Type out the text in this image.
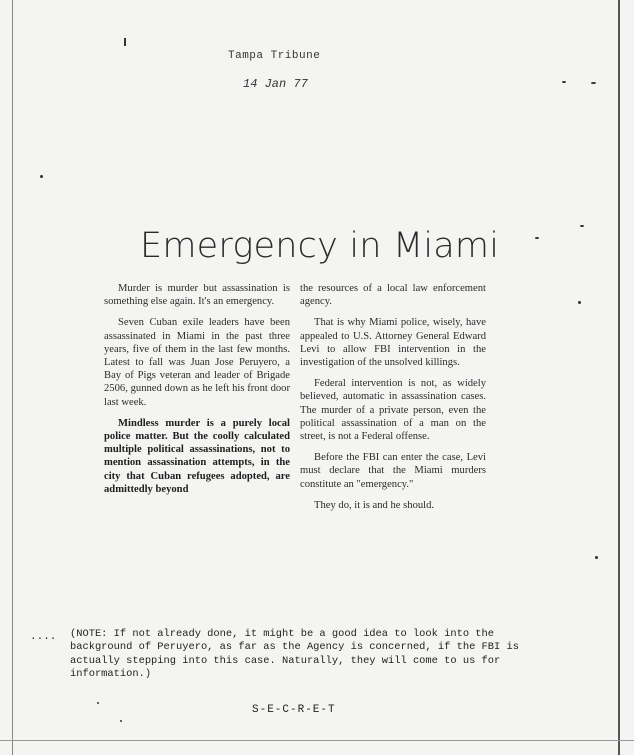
Tampa Tribune
14 Jan 77
Emergency in Miami

Murder is murder but assassination is something else again. It's an emergency.

Seven Cuban exile leaders have been assassinated in Miami in the past three years, five of them in the last few months. Latest to fall was Juan Jose Peruyero, a Bay of Pigs veteran and leader of Brigade 2506, gunned down as he left his front door last week.

Mindless murder is a purely local police matter. But the coolly calculated multiple political assassinations, not to mention assassination attempts, in the city that Cuban refugees adopted, are admittedly beyond

the resources of a local law enforcement agency.

That is why Miami police, wisely, have appealed to U.S. Attorney General Edward Levi to allow FBI intervention in the investigation of the unsolved killings.

Federal intervention is not, as widely believed, automatic in assassination cases. The murder of a private person, even the political assassination of a man on the street, is not a Federal offense.

Before the FBI can enter the case, Levi must declare that the Miami murders constitute an "emergency."

They do, it is and he should.

.... (NOTE: If not already done, it might be a good idea to look into the background of Peruyero, as far as the Agency is concerned, if the FBI is actually stepping into this case. Naturally, they will come to us for information.)
S-E-C-R-E-T
